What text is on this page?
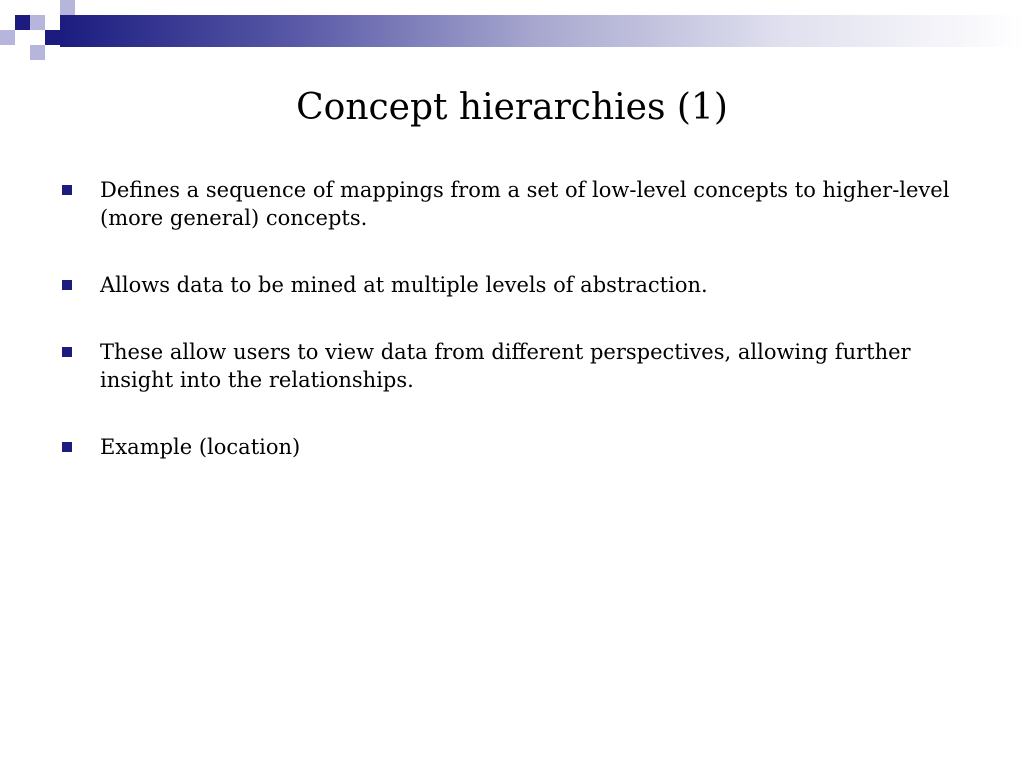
Concept hierarchies (1)
Defines a sequence of mappings from a set of low-level concepts to higher-level (more general) concepts.
Allows data to be mined at multiple levels of abstraction.
These allow users to view data from different perspectives, allowing further insight into the relationships.
Example (location)
